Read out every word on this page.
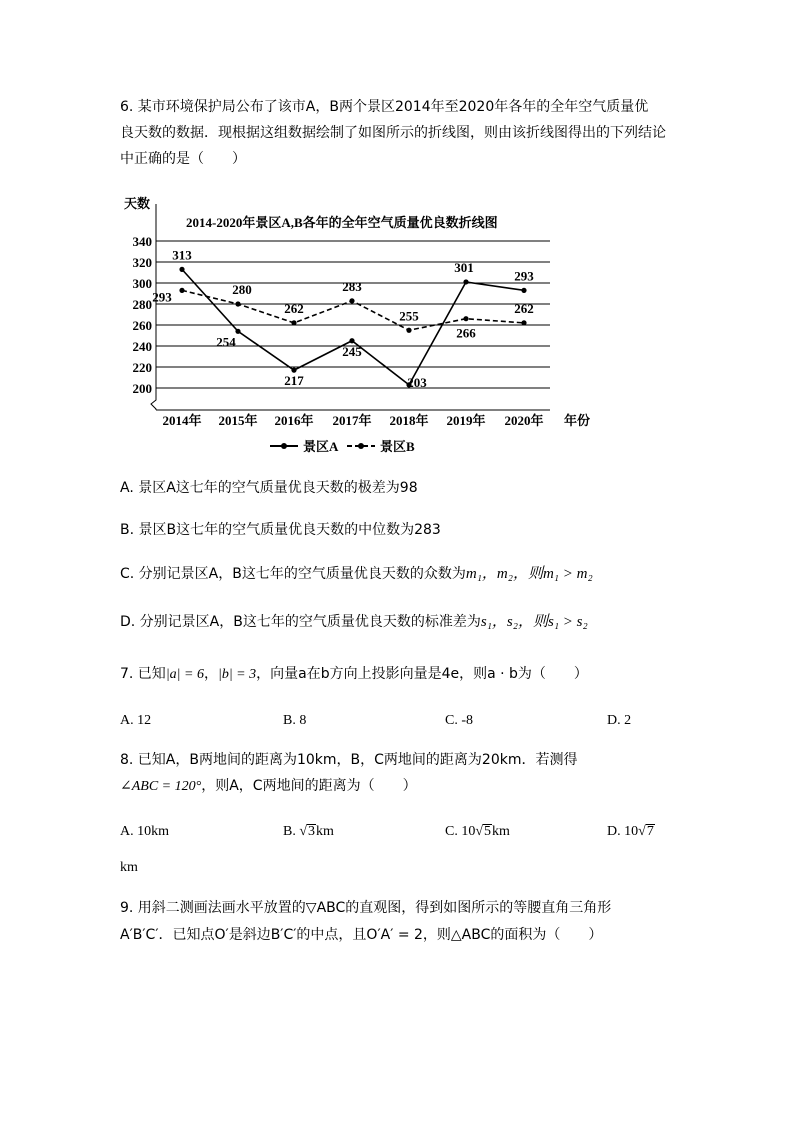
6. 某市环境保护局公布了该市A，B两个景区2014年至2020年各年的全年空气质量优
良天数的数据．现根据这组数据绘制了如图所示的折线图，则由该折线图得出的下列结论
中正确的是（　　）
200
220
240
260
280
300
320
340
2014年 2015年 2016年 2017年 2018年 2019年 2020年
313
254
217
245
203
301
293
293	280
262
283
255
266
262
天数
2014-2020年景区A,B各年的全年空气质量优良数折线图
年份
景区A	景区B
A. 景区A这七年的空气质量优良天数的极差为98
B. 景区B这七年的空气质量优良天数的中位数为283
C. 分别记景区A，B这七年的空气质量优良天数的众数为m₁，m₂，则m₁ > m₂
D. 分别记景区A，B这七年的空气质量优良天数的标准差为s₁，s₂，则s₁ > s₂
7. 已知|a| = 6，|b| = 3，向量a在b方向上投影向量是4e，则a · b为（　　）
A. 12	B. 8	C. -8	D. 2
8. 已知A，B两地间的距离为10km，B，C两地间的距离为20km．若测得
∠ABC = 120°，则A，C两地间的距离为（　　）
A. 10km	B. √3km	C. 10√5km	D. 10√7
km
9. 用斜二测画法画水平放置的▽ABC的直观图，得到如图所示的等腰直角三角形
A′B′C′．已知点O′是斜边B′C′的中点，且O′A′ = 2，则△ABC的面积为（　　）
